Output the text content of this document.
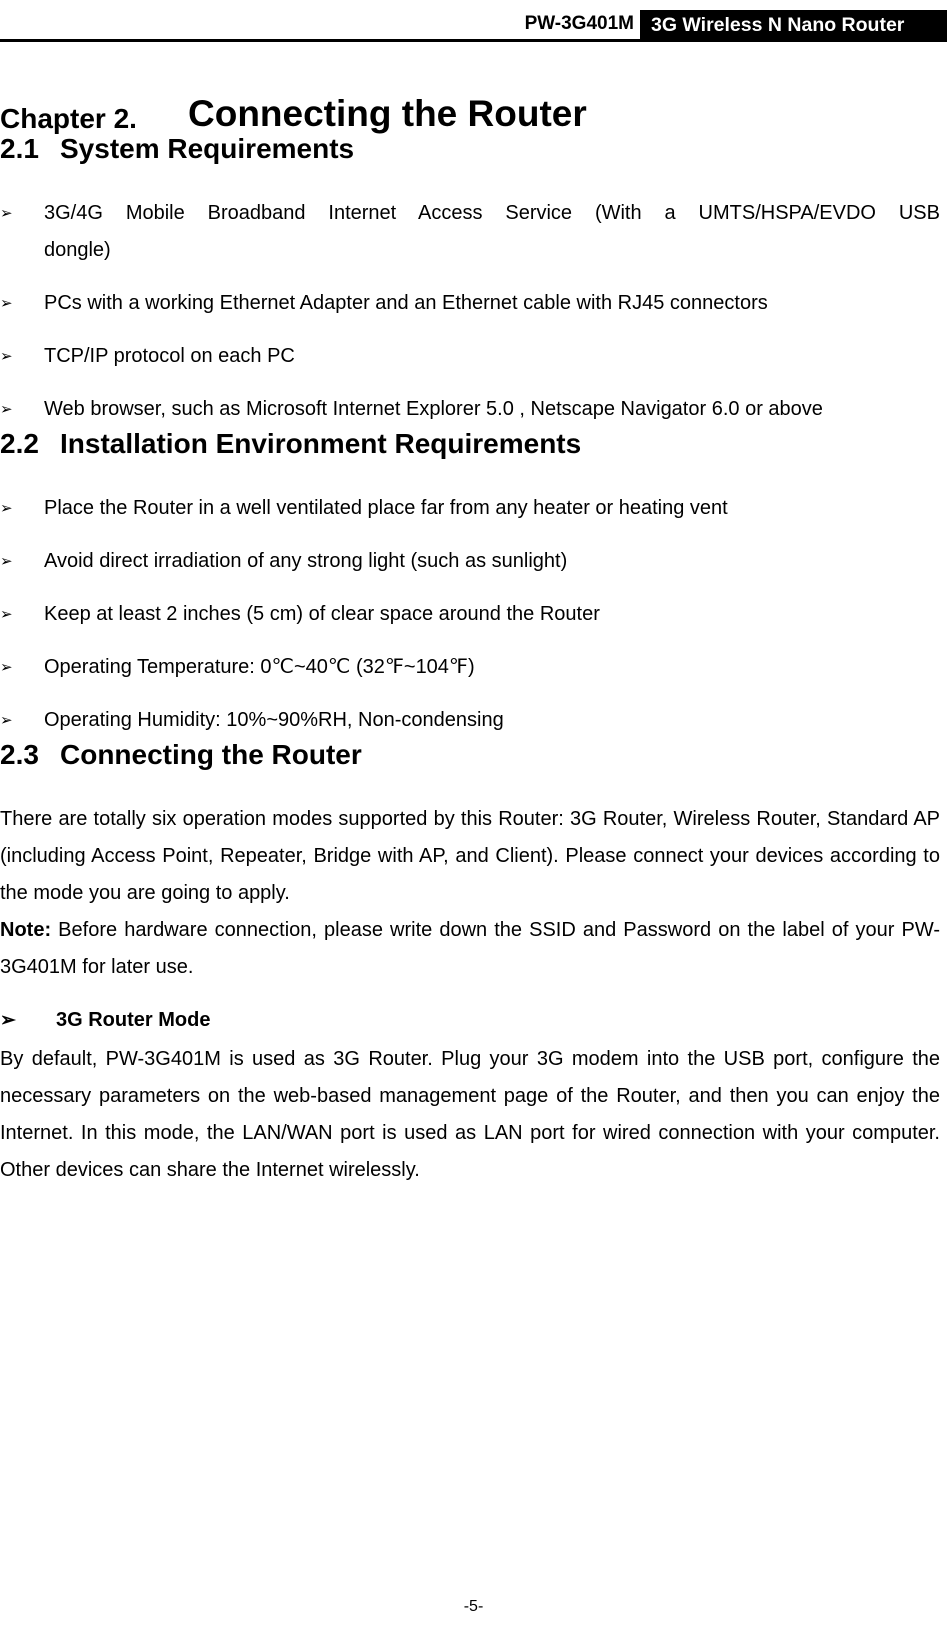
PW-3G401M 3G Wireless N Nano Router
Chapter 2. Connecting the Router
2.1 System Requirements
➢ 3G/4G Mobile Broadband Internet Access Service (With a UMTS/HSPA/EVDO USB
dongle)
➢ PCs with a working Ethernet Adapter and an Ethernet cable with RJ45 connectors
➢ TCP/IP protocol on each PC
➢ Web browser, such as Microsoft Internet Explorer 5.0 , Netscape Navigator 6.0 or above
2.2 Installation Environment Requirements
➢ Place the Router in a well ventilated place far from any heater or heating vent
➢ Avoid direct irradiation of any strong light (such as sunlight)
➢ Keep at least 2 inches (5 cm) of clear space around the Router
➢ Operating Temperature: 0℃~40℃ (32℉~104℉)
➢ Operating Humidity: 10%~90%RH, Non-condensing
2.3 Connecting the Router

There are totally six operation modes supported by this Router: 3G Router, Wireless Router, Standard AP (including Access Point, Repeater, Bridge with AP, and Client). Please connect your devices according to the mode you are going to apply.

Note: Before hardware connection, please write down the SSID and Password on the label of your PW-3G401M for later use.

➢ 3G Router Mode

By default, PW-3G401M is used as 3G Router. Plug your 3G modem into the USB port, configure the necessary parameters on the web-based management page of the Router, and then you can enjoy the Internet. In this mode, the LAN/WAN port is used as LAN port for wired connection with your computer. Other devices can share the Internet wirelessly.

-5-
